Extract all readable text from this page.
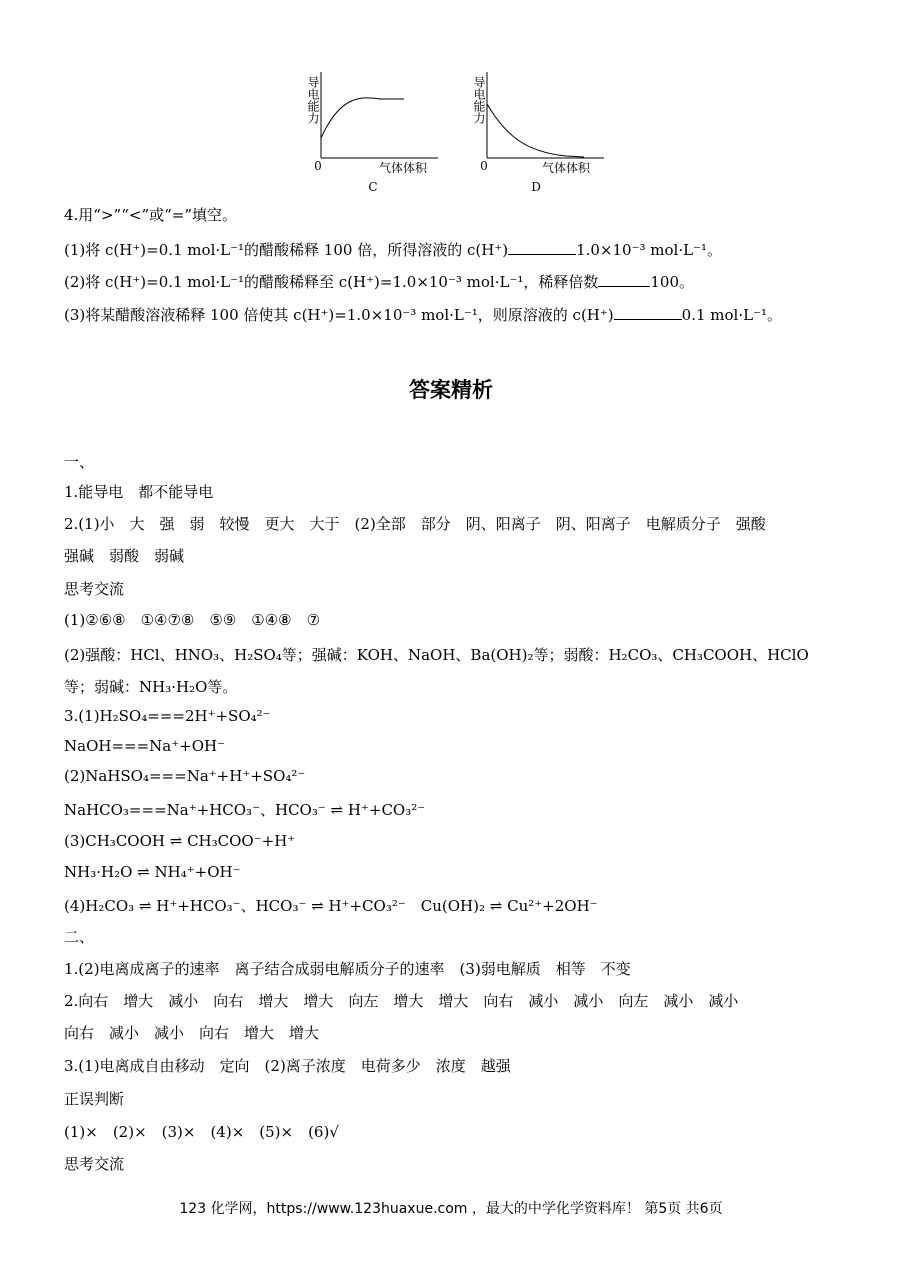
导电能力
0	气体体积
C
导电能力
0	气体体积
D
4.用“>”“<”或“=”填空。
(1)将 c(H⁺)=0.1 mol·L⁻¹的醋酸稀释 100 倍，所得溶液的 c(H⁺)	1.0×10⁻³ mol·L⁻¹。
(2)将 c(H⁺)=0.1 mol·L⁻¹的醋酸稀释至 c(H⁺)=1.0×10⁻³ mol·L⁻¹，稀释倍数	100。
(3)将某醋酸溶液稀释 100 倍使其 c(H⁺)=1.0×10⁻³ mol·L⁻¹，则原溶液的 c(H⁺)	0.1 mol·L⁻¹。
答案精析
一、
1.能导电　都不能导电
2.(1)小　大　强　弱　较慢　更大　大于　(2)全部　部分　阴、阳离子　阴、阳离子　电解质分子　强酸
强碱　弱酸　弱碱
思考交流
(1)②⑥⑧　①④⑦⑧　⑤⑨　①④⑧　⑦
(2)强酸：HCl、HNO₃、H₂SO₄等；强碱：KOH、NaOH、Ba(OH)₂等；弱酸：H₂CO₃、CH₃COOH、HClO
等；弱碱：NH₃·H₂O等。
3.(1)H₂SO₄===2H⁺+SO₄²⁻
NaOH===Na⁺+OH⁻
(2)NaHSO₄===Na⁺+H⁺+SO₄²⁻
NaHCO₃===Na⁺+HCO₃⁻、HCO₃⁻ ⇌ H⁺+CO₃²⁻
(3)CH₃COOH ⇌ CH₃COO⁻+H⁺
NH₃·H₂O ⇌ NH₄⁺+OH⁻
(4)H₂CO₃ ⇌ H⁺+HCO₃⁻、HCO₃⁻ ⇌ H⁺+CO₃²⁻　Cu(OH)₂ ⇌ Cu²⁺+2OH⁻
二、
1.(2)电离成离子的速率　离子结合成弱电解质分子的速率　(3)弱电解质　相等　不变
2.向右　增大　减小　向右　增大　增大　向左　增大　增大　向右　减小　减小　向左　减小　减小
向右　减小　减小　向右　增大　增大
3.(1)电离成自由移动　定向　(2)离子浓度　电荷多少　浓度　越强
正误判断
(1)×　(2)×　(3)×　(4)×　(5)×　(6)√
思考交流
123 化学网，https://www.123huaxue.com ，最大的中学化学资料库！ 第5页 共6页
